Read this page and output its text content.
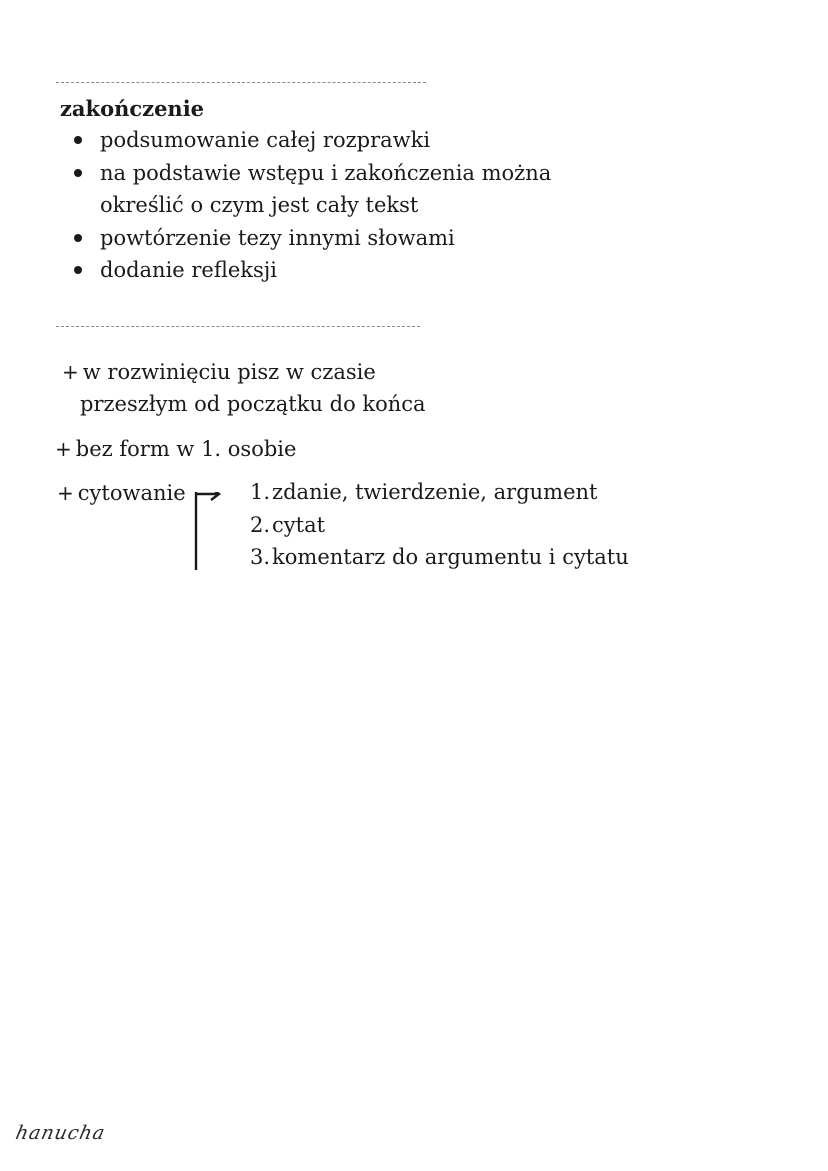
zakończenie
podsumowanie całej rozprawki
na podstawie wstępu i zakończenia można
określić o czym jest cały tekst
powtórzenie tezy innymi słowami
dodanie refleksji
+ w rozwinięciu pisz w czasie
przeszłym od początku do końca
+ bez form w 1. osobie
+ cytowanie	1.zdanie, twierdzenie, argument
2.cytat
3.komentarz do argumentu i cytatu
hanucha
